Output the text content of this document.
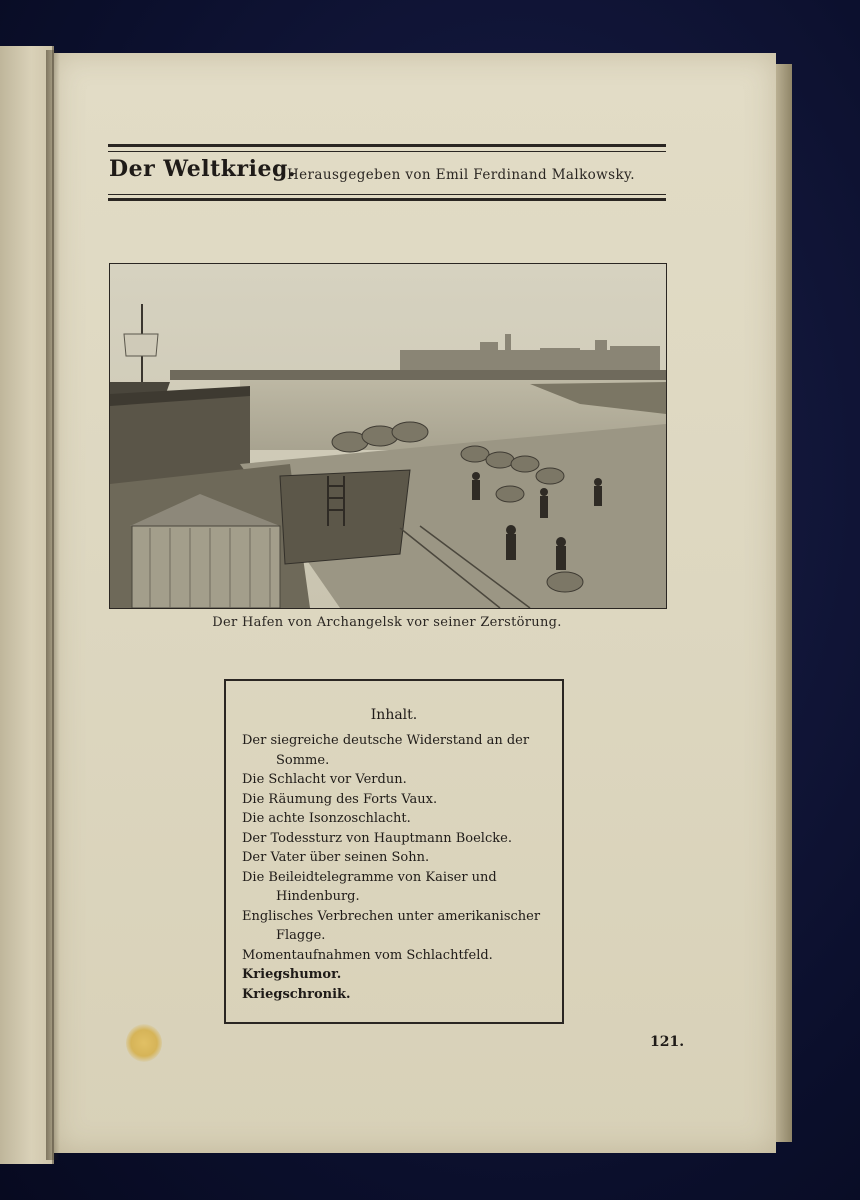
Der Weltkrieg.
Herausgegeben von Emil Ferdinand Malkowsky.
Der Hafen von Archangelsk vor seiner Zerstörung.
Inhalt.
Der siegreiche deutsche Widerstand an der Somme.
Die Schlacht vor Verdun.
Die Räumung des Forts Vaux.
Die achte Isonzoschlacht.
Der Todessturz von Hauptmann Boelcke.
Der Vater über seinen Sohn.
Die Beileidtelegramme von Kaiser und Hindenburg.
Englisches Verbrechen unter amerikanischer Flagge.
Momentaufnahmen vom Schlachtfeld.
Kriegshumor.
Kriegschronik.
121.
